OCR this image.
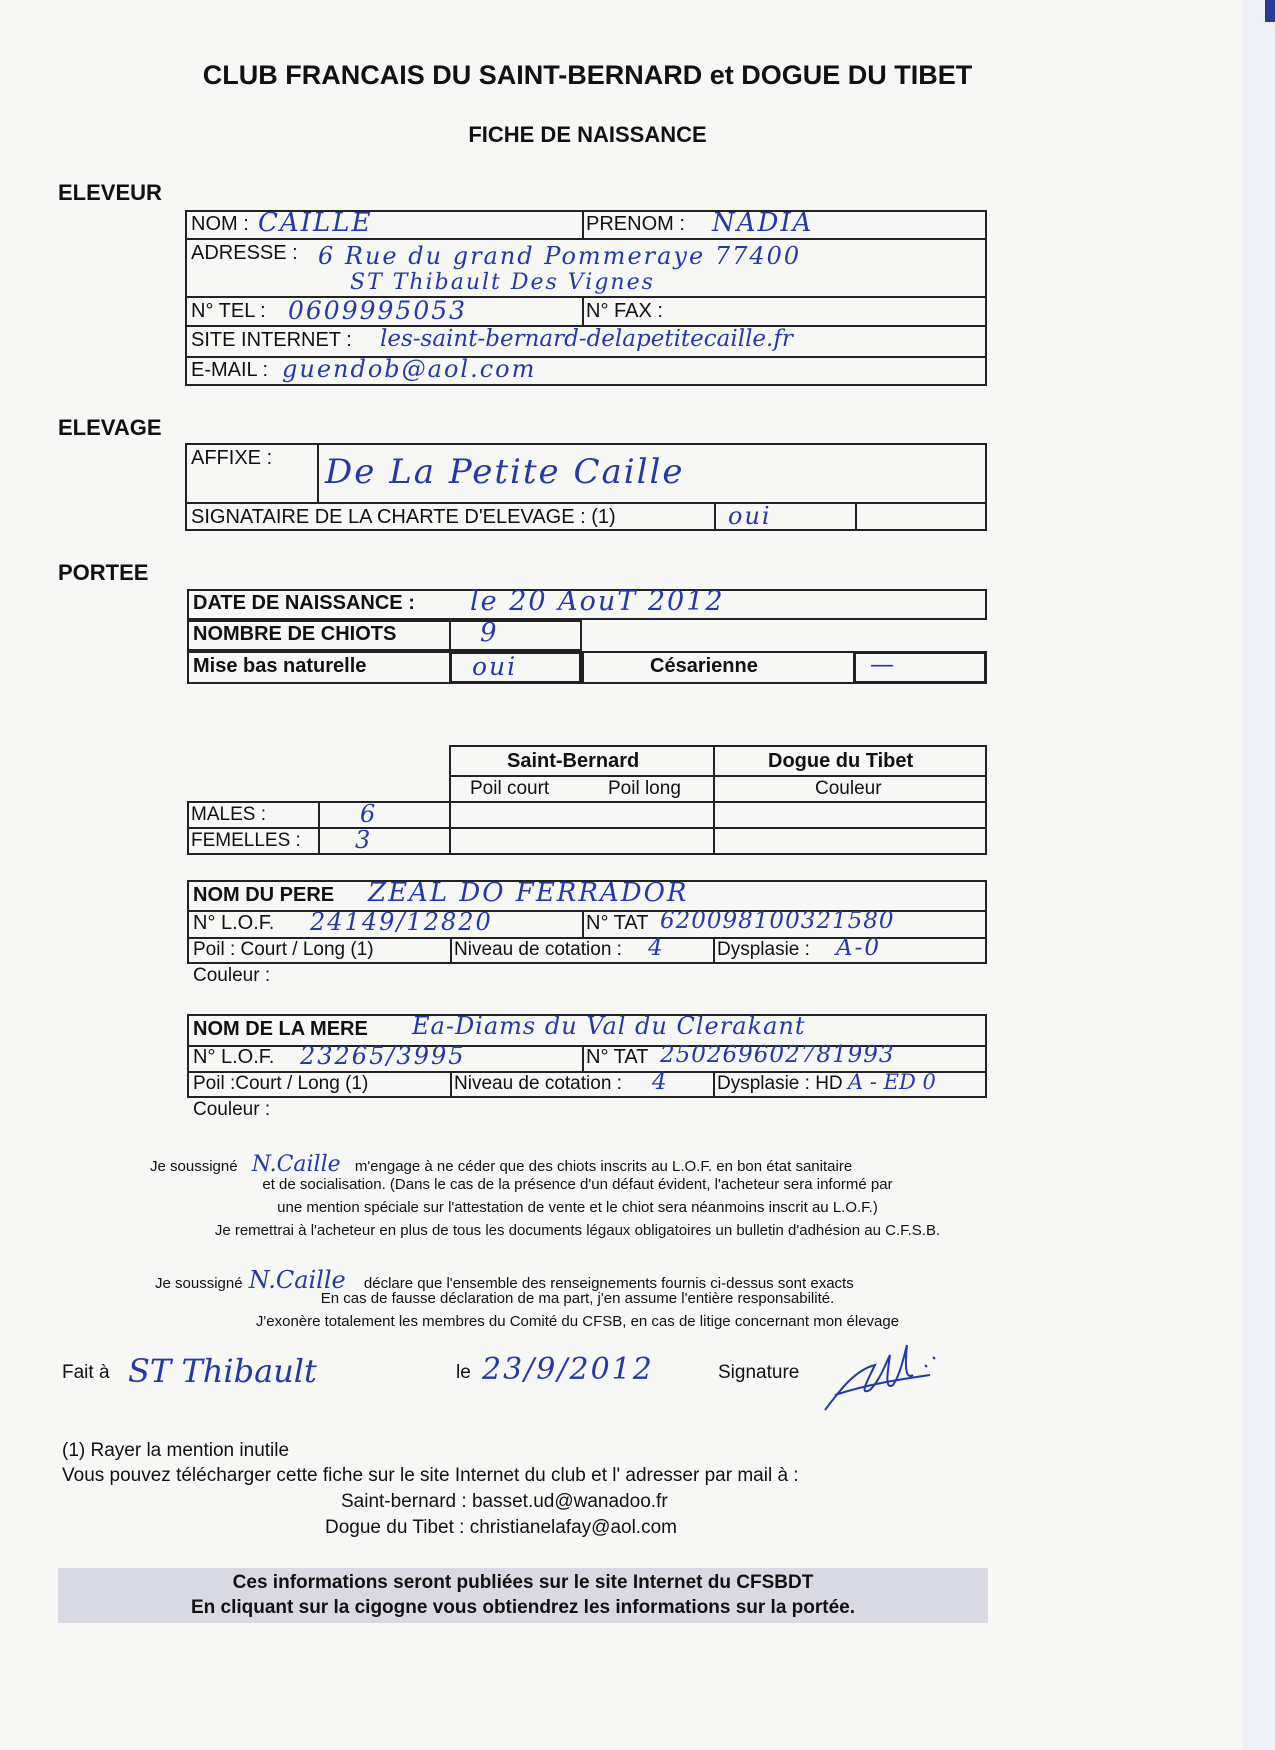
CLUB FRANCAIS DU SAINT-BERNARD et DOGUE DU TIBET
FICHE DE NAISSANCE
ELEVEUR
NOM : CAILLE	PRENOM : NADIA
ADRESSE : 6 Rue du grand Pommeraye 77400
ST Thibault Des Vignes
N° TEL : 0609995053	N° FAX :
SITE INTERNET : les-saint-bernard-delapetitecaille.fr
E-MAIL : guendob@aol.com
ELEVAGE
AFFIXE : De La Petite Caille
SIGNATAIRE DE LA CHARTE D'ELEVAGE : (1)	oui
PORTEE
DATE DE NAISSANCE : le 20 AouT 2012
NOMBRE DE CHIOTS	9
Mise bas naturelle	oui	Césarienne	—
Saint-Bernard	Dogue du Tibet
Poil court	Poil long	Couleur
MALES :	6
FEMELLES : 3
NOM DU PERE ZEAL DO FERRADOR
N° L.O.F. 24149/12820	N° TAT 620098100321580
Poil : Court / Long (1)	Niveau de cotation : 4	Dysplasie : A-0
Couleur :
NOM DE LA MERE Ea-Diams du Val du Clerakant
N° L.O.F. 23265/3995	N° TAT 250269602781993
Poil :Court / Long (1)	Niveau de cotation : 4	Dysplasie : HD A - ED 0
Couleur :
Je soussigné N.Caille m'engage à ne céder que des chiots inscrits au L.O.F. en bon état sanitaire
et de socialisation. (Dans le cas de la présence d'un défaut évident, l'acheteur sera informé par
une mention spéciale sur l'attestation de vente et le chiot sera néanmoins inscrit au L.O.F.)
Je remettrai à l'acheteur en plus de tous les documents légaux obligatoires un bulletin d'adhésion au C.F.S.B.
Je soussigné N.Caille déclare que l'ensemble des renseignements fournis ci-dessus sont exacts
En cas de fausse déclaration de ma part, j'en assume l'entière responsabilité.
J'exonère totalement les membres du Comité du CFSB, en cas de litige concernant mon élevage
Fait à ST Thibault	le 23/9/2012	Signature
(1) Rayer la mention inutile
Vous pouvez télécharger cette fiche sur le site Internet du club et l' adresser par mail à :
Saint-bernard : basset.ud@wanadoo.fr
Dogue du Tibet : christianelafay@aol.com
Ces informations seront publiées sur le site Internet du CFSBDT
En cliquant sur la cigogne vous obtiendrez les informations sur la portée.
